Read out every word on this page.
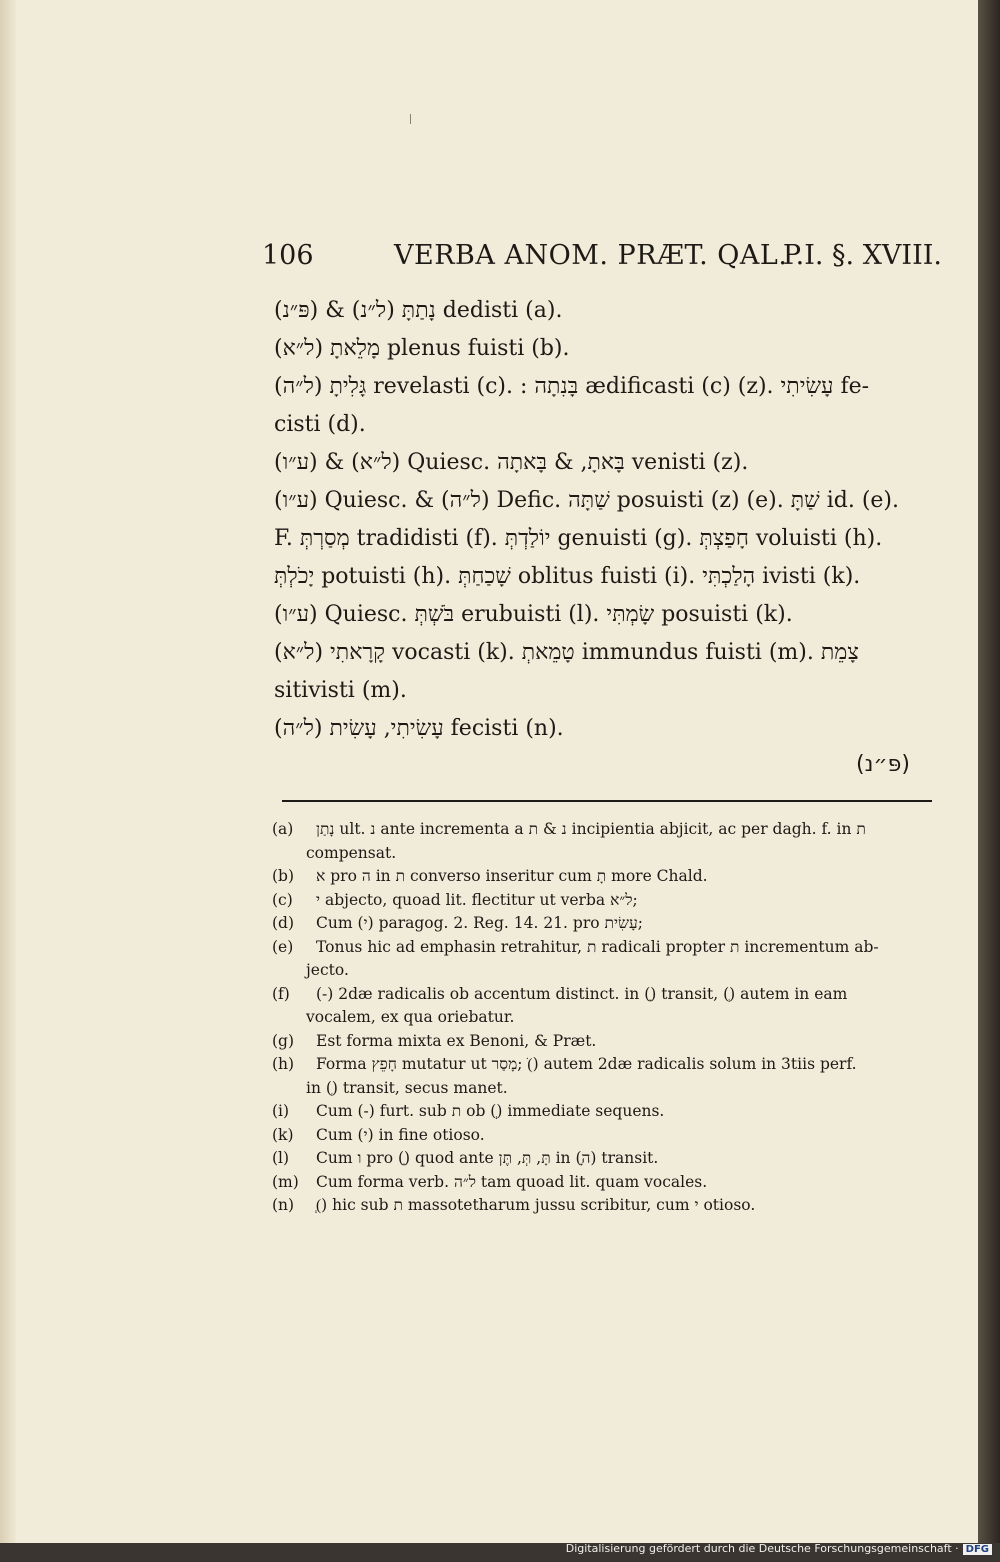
106	VERBA ANOM. PRÆT. QAL.
P.I. §. XVIII.
(פּ״נ) & (ל״נ) נָתַתָּ dedisti (a).
(ל״א) מָלֵאתָ plenus fuisti (b).
(ל״ה) גָּלִיתָ revelasti (c). : בָּנִתָה ædificasti (c) (z). עָשִׂיתִי fe-
cisti (d).
(ע״ו) & (ל״א) Quiesc. בָּאתָ, & בָּאתָה venisti (z).
(ע״ו) Quiesc. & (ל״ה) Defic. שַׁתָּה posuisti (z) (e). שַׁתָּ id. (e).
F. מְסַרְתְּ tradidisti (f). יוֹלַדְתְּ genuisti (g). חָפַצְתְּ voluisti (h).
יָכֹלְתְּ potuisti (h). שָׁכַחַתְּ oblitus fuisti (i). הָלַכְתִּי ivisti (k).
(ע״ו) Quiesc. בֹּשְׁתְּ erubuisti (l). שָׂמְתִּי posuisti (k).
(ל״א) קָרָאתִי vocasti (k). טָמֵאתְ immundus fuisti (m). צָמֵת
sitivisti (m).
(ל״ה) עָשִׂיתִי, עָשִׂית fecisti (n).
(פּ״נ)
(a) נָתַן ult. נ ante incrementa a נ & ת incipientia abjicit, ac per dagh. f. in ת
compensat.
(b) א pro ה in ת converso inseritur cum תָ more Chald.
(c) י abjecto, quoad lit. flectitur ut verba ל״א;
(d) Cum (י) paragog. 2. Reg. 14. 21. pro עָשִׂית;
(e) Tonus hic ad emphasin retrahitur, ת radicali propter ת incrementum ab-
jecto.
(f) (-) 2dæ radicalis ob accentum distinct. in (ָ) transit, (ְ) autem in eam
vocalem, ex qua oriebatur.
(g) Est forma mixta ex Benoni, & Præt.
(h) Forma חָפֵץ mutatur ut מָסַר; (ֹ) autem 2dæ radicalis solum in 3tiis perf.
in (ְ) transit, secus manet.
(i) Cum (-) furt. sub ת ob (ְ) immediate sequens.
(k) Cum (י) in fine otioso.
(l) Cum ו pro (ָ) quod ante תָּ, תְּ, תֶּן in (ָה) transit.
(m) Cum forma verb. ל״ה tam quoad lit. quam vocales.
(n) (ְ) hic sub ת massotetharum jussu scribitur, cum י otioso.
Digitalisierung gefördert durch die Deutsche Forschungsgemeinschaft · DFG
